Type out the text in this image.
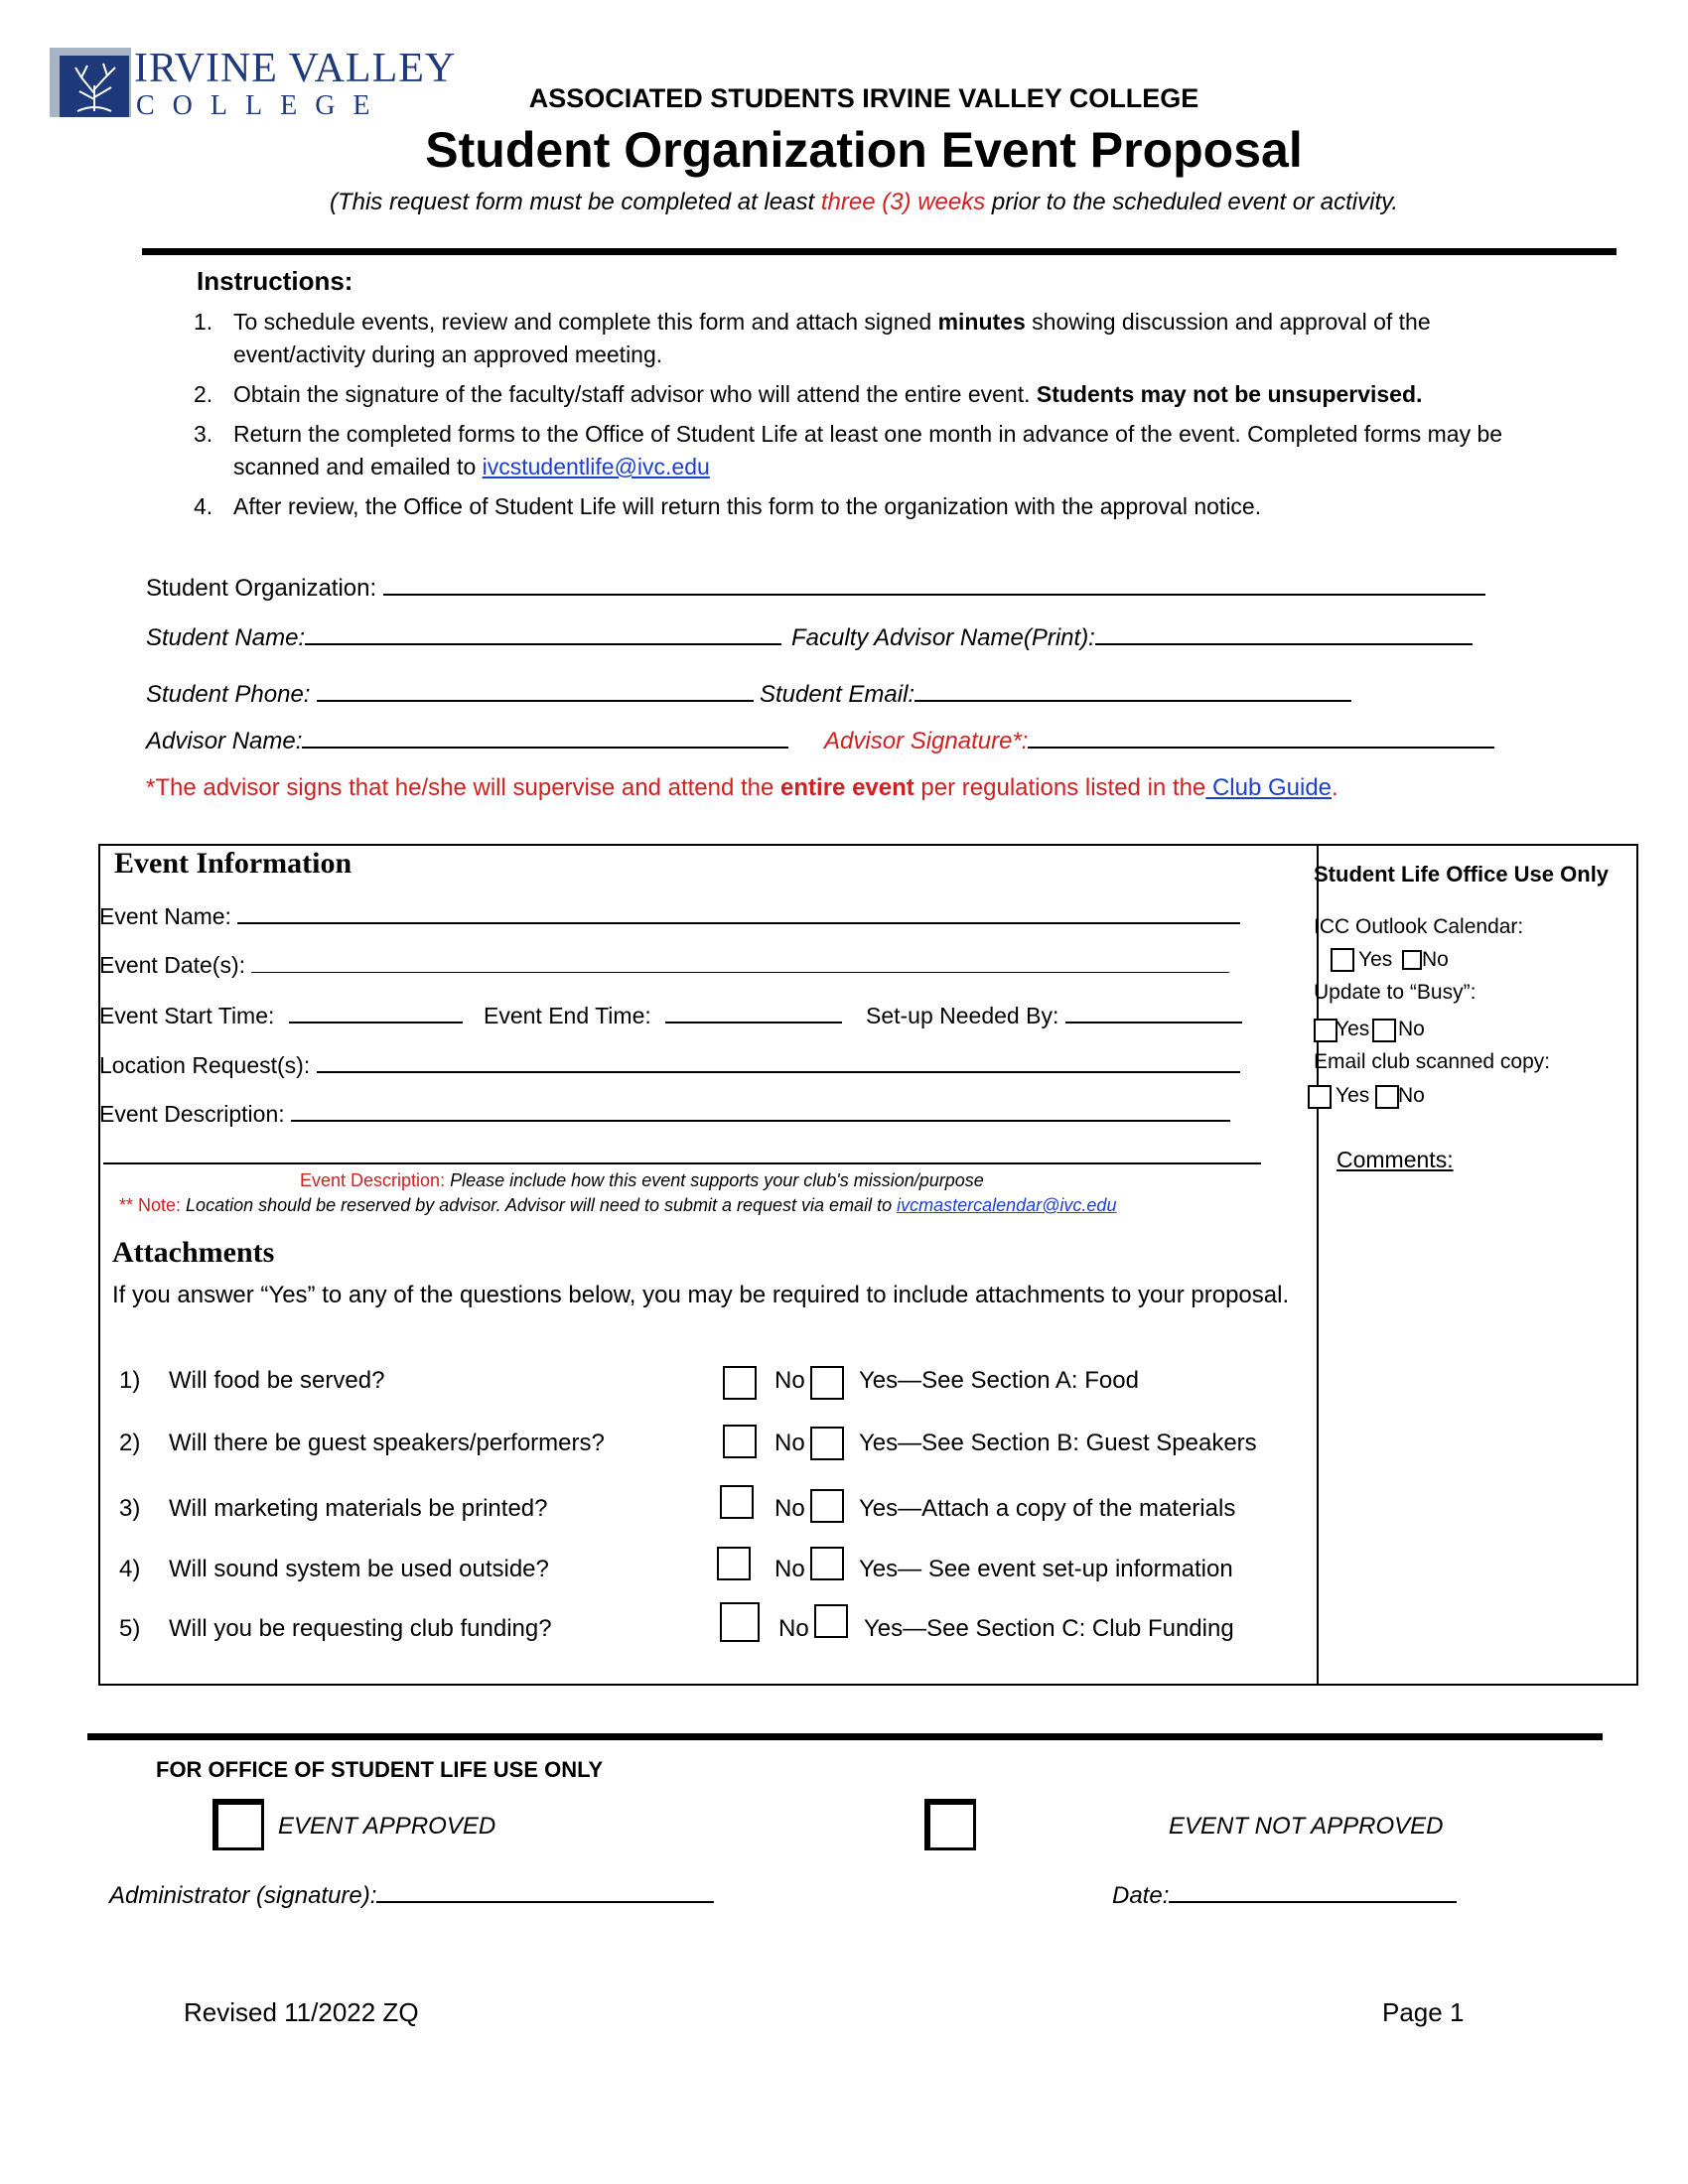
IRVINE VALLEY
COLLEGE	ASSOCIATED STUDENTS IRVINE VALLEY COLLEGE
Student Organization Event Proposal
(This request form must be completed at least three (3) weeks prior to the scheduled event or activity.
Instructions:
1. To schedule events, review and complete this form and attach signed minutes showing discussion and approval of the event/activity during an approved meeting.
2. Obtain the signature of the faculty/staff advisor who will attend the entire event. Students may not be unsupervised.
3. Return the completed forms to the Office of Student Life at least one month in advance of the event. Completed forms may be scanned and emailed to ivcstudentlife@ivc.edu
4. After review, the Office of Student Life will return this form to the organization with the approval notice.
Student Organization:
Student Name:	Faculty Advisor Name(Print):
Student Phone:	Student Email:
Advisor Name:	Advisor Signature*:
*The advisor signs that he/she will supervise and attend the entire event per regulations listed in the Club Guide.
Event Information
Event Name:
Event Date(s):
Event Start Time:	Event End Time:	Set-up Needed By:
Location Request(s):
Event Description:
Event Description: Please include how this event supports your club's mission/purpose
** Note: Location should be reserved by advisor. Advisor will need to submit a request via email to ivcmastercalendar@ivc.edu
Attachments
If you answer “Yes” to any of the questions below, you may be required to include attachments to your proposal.
1) Will food be served?	No Yes—See Section A: Food
2) Will there be guest speakers/performers?	No Yes—See Section B: Guest Speakers
3) Will marketing materials be printed?	No Yes—Attach a copy of the materials
4) Will sound system be used outside?	No Yes— See event set-up information
5) Will you be requesting club funding?	No Yes—See Section C: Club Funding
Student Life Office Use Only
ICC Outlook Calendar:
Yes No
Update to “Busy”:
Yes No
Email club scanned copy:
Yes No
Comments:
FOR OFFICE OF STUDENT LIFE USE ONLY
EVENT APPROVED	EVENT NOT APPROVED
Administrator (signature):	Date:
Revised 11/2022 ZQ	Page 1
